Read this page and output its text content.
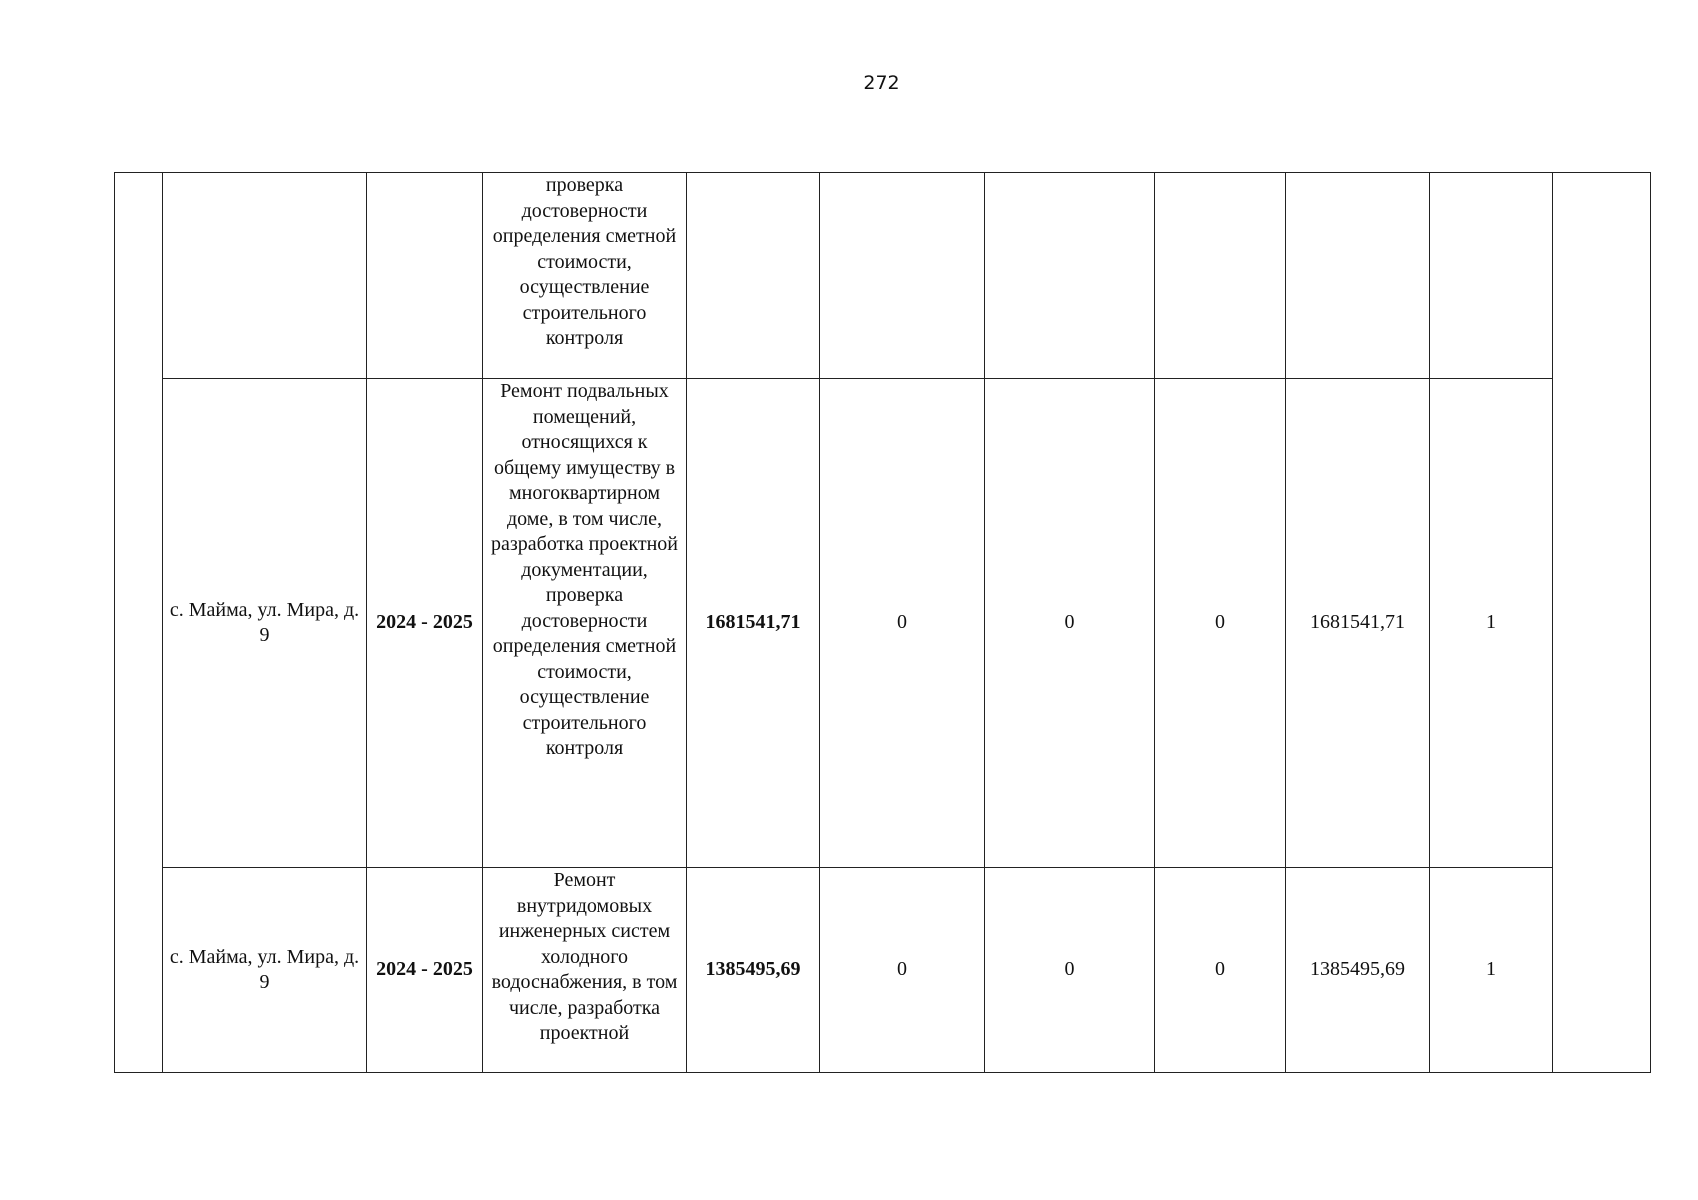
272
			проверка достоверности определения сметной стоимости, осуществление строительного контроля							
	с. Майма, ул. Мира, д. 9	2024 - 2025	Ремонт подвальных помещений, относящихся к общему имуществу в многоквартирном доме, в том числе, разработка проектной документации, проверка достоверности определения сметной стоимости, осуществление строительного контроля	1681541,71	0	0	0	1681541,71	1	
	с. Майма, ул. Мира, д. 9	2024 - 2025	Ремонт внутридомовых инженерных систем холодного водоснабжения, в том числе, разработка проектной	1385495,69	0	0	0	1385495,69	1	
